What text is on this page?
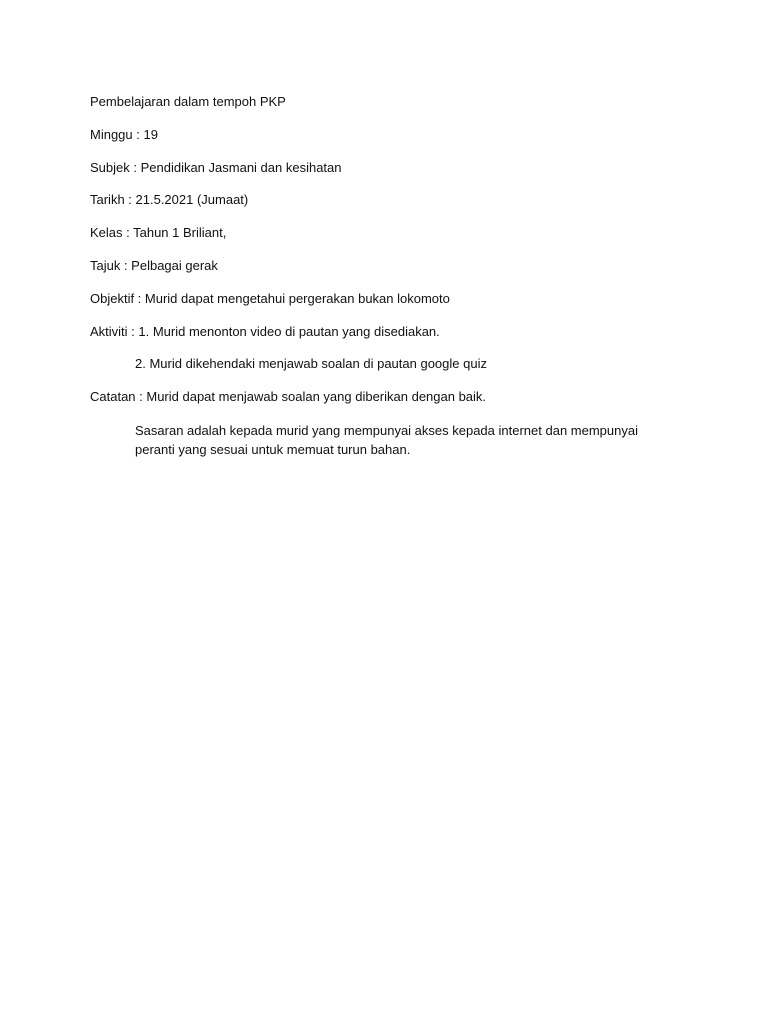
Pembelajaran dalam tempoh PKP
Minggu : 19
Subjek : Pendidikan Jasmani dan kesihatan
Tarikh : 21.5.2021 (Jumaat)
Kelas : Tahun 1 Briliant,
Tajuk : Pelbagai gerak
Objektif : Murid dapat mengetahui pergerakan bukan lokomoto
Aktiviti : 1. Murid menonton video di pautan yang disediakan.
2. Murid dikehendaki menjawab soalan di pautan google quiz
Catatan : Murid dapat menjawab soalan yang diberikan dengan baik.
Sasaran adalah kepada murid yang mempunyai akses kepada internet dan mempunyai peranti yang sesuai untuk memuat turun bahan.
